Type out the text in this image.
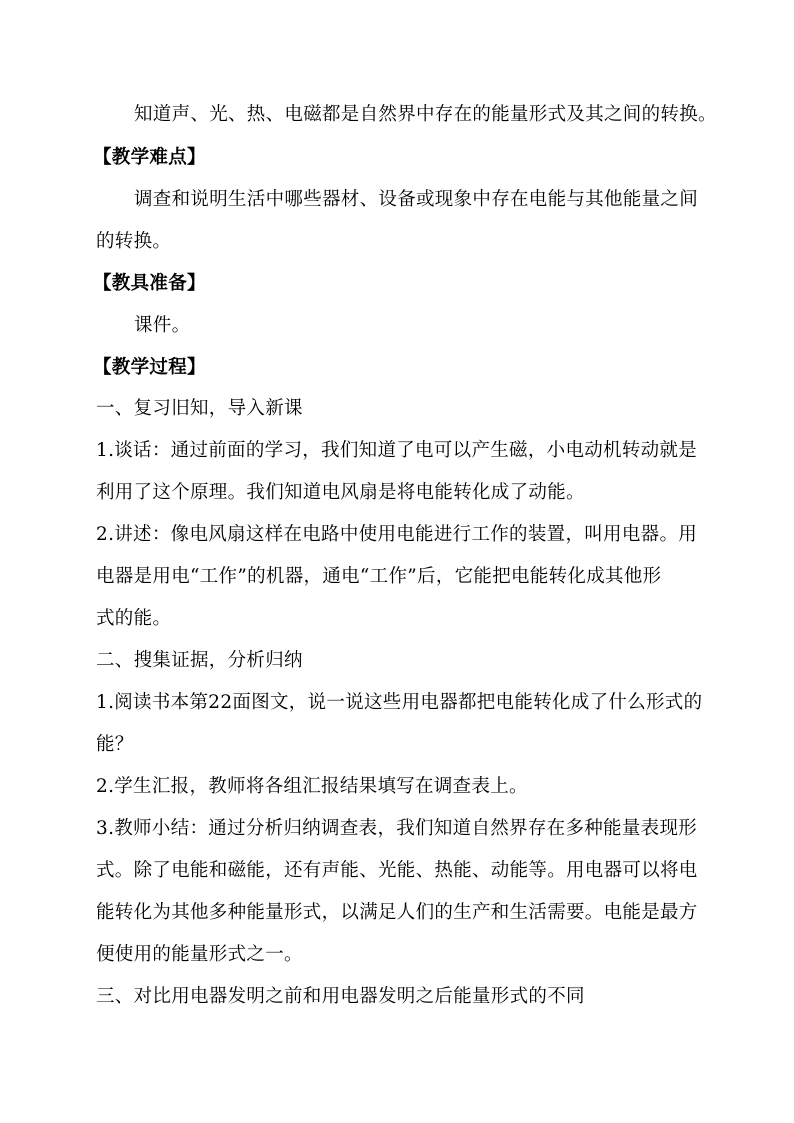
知道声、光、热、电磁都是自然界中存在的能量形式及其之间的转换。
【教学难点】
调查和说明生活中哪些器材、设备或现象中存在电能与其他能量之间
的转换。
【教具准备】
课件。
【教学过程】
一、复习旧知，导入新课
1.谈话：通过前面的学习，我们知道了电可以产生磁，小电动机转动就是
利用了这个原理。我们知道电风扇是将电能转化成了动能。
2.讲述：像电风扇这样在电路中使用电能进行工作的装置，叫用电器。用
电器是用电“工作”的机器，通电“工作”后，它能把电能转化成其他形
式的能。
二、搜集证据，分析归纳
1.阅读书本第22面图文，说一说这些用电器都把电能转化成了什么形式的
能？
2.学生汇报，教师将各组汇报结果填写在调查表上。
3.教师小结：通过分析归纳调查表，我们知道自然界存在多种能量表现形
式。除了电能和磁能，还有声能、光能、热能、动能等。用电器可以将电
能转化为其他多种能量形式，以满足人们的生产和生活需要。电能是最方
便使用的能量形式之一。
三、对比用电器发明之前和用电器发明之后能量形式的不同
